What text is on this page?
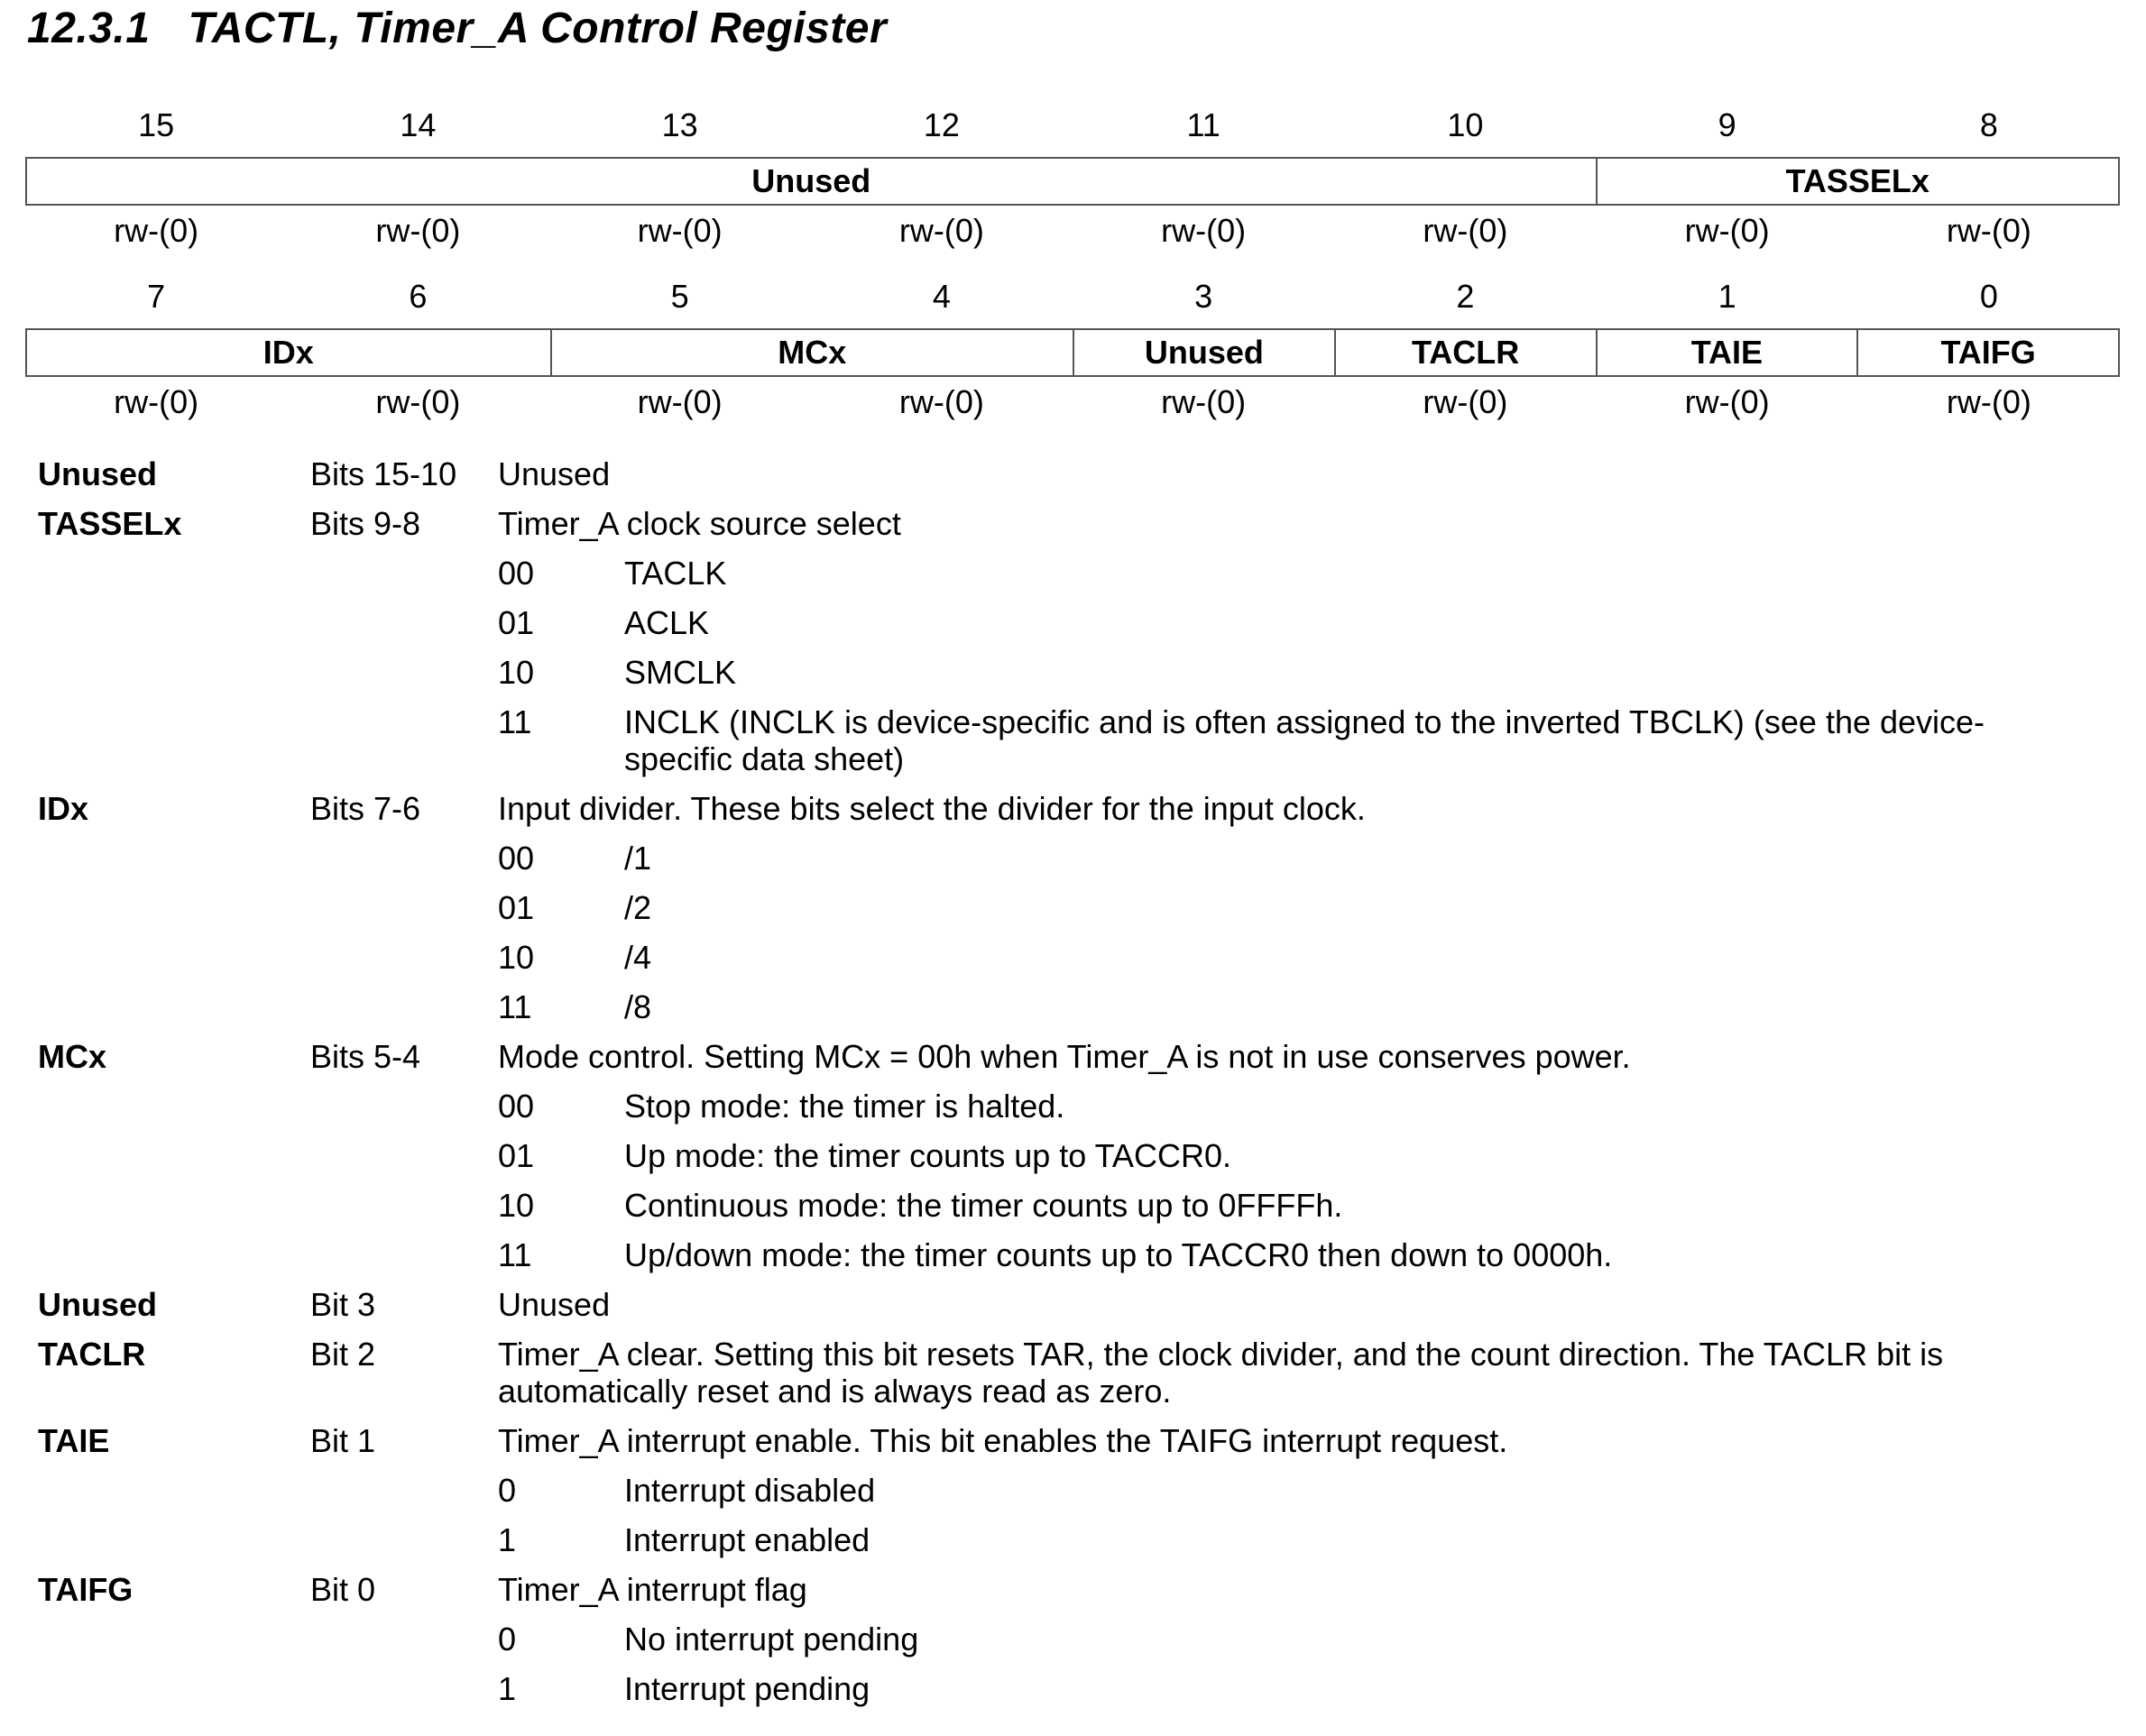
12.3.1 TACTL, Timer_A Control Register
15	14	13	12	11	10	9	8
Unused	TASSELx
rw-(0)	rw-(0)	rw-(0)	rw-(0)	rw-(0)	rw-(0)	rw-(0)	rw-(0)
7	6	5	4	3	2	1	0
IDx	MCx	Unused	TACLR	TAIE	TAIFG
rw-(0)	rw-(0)	rw-(0)	rw-(0)	rw-(0)	rw-(0)	rw-(0)	rw-(0)
Unused	Bits 15-10	Unused
TASSELx	Bits 9-8	Timer_A clock source select
00	TACLK
01	ACLK
10	SMCLK
11	INCLK (INCLK is device-specific and is often assigned to the inverted TBCLK) (see the device-specific data sheet)
IDx	Bits 7-6	Input divider. These bits select the divider for the input clock.
00	/1
01	/2
10	/4
11	/8
MCx	Bits 5-4	Mode control. Setting MCx = 00h when Timer_A is not in use conserves power.
00	Stop mode: the timer is halted.
01	Up mode: the timer counts up to TACCR0.
10	Continuous mode: the timer counts up to 0FFFFh.
11	Up/down mode: the timer counts up to TACCR0 then down to 0000h.
Unused	Bit 3	Unused
TACLR	Bit 2	Timer_A clear. Setting this bit resets TAR, the clock divider, and the count direction. The TACLR bit is automatically reset and is always read as zero.
TAIE	Bit 1	Timer_A interrupt enable. This bit enables the TAIFG interrupt request.
0	Interrupt disabled
1	Interrupt enabled
TAIFG	Bit 0	Timer_A interrupt flag
0	No interrupt pending
1	Interrupt pending
